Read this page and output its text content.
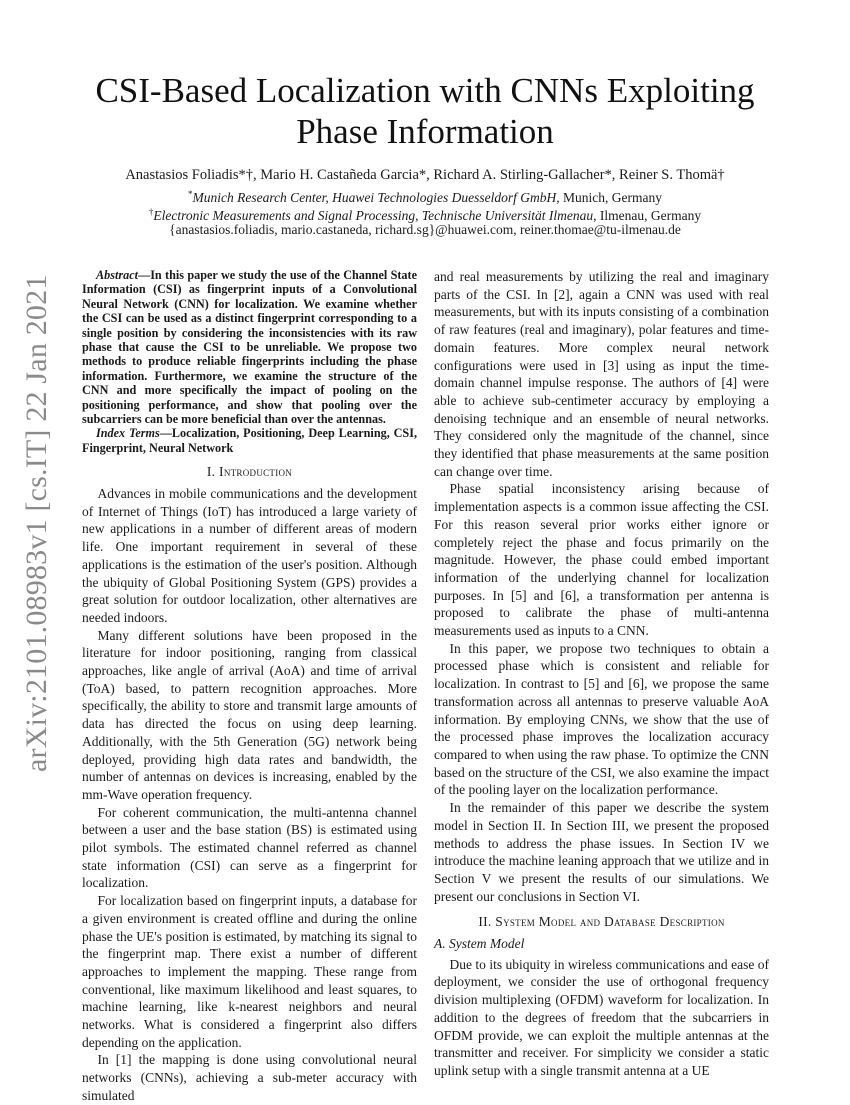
arXiv:2101.08983v1 [cs.IT] 22 Jan 2021
CSI-Based Localization with CNNs Exploiting
Phase Information
Anastasios Foliadis*†, Mario H. Castañeda Garcia*, Richard A. Stirling-Gallacher*, Reiner S. Thomä†
*Munich Research Center, Huawei Technologies Duesseldorf GmbH, Munich, Germany
†Electronic Measurements and Signal Processing, Technische Universität Ilmenau, Ilmenau, Germany
{anastasios.foliadis, mario.castaneda, richard.sg}@huawei.com, reiner.thomae@tu-ilmenau.de

Abstract—In this paper we study the use of the Channel State Information (CSI) as fingerprint inputs of a Convolutional Neural Network (CNN) for localization. We examine whether the CSI can be used as a distinct fingerprint corresponding to a single position by considering the inconsistencies with its raw phase that cause the CSI to be unreliable. We propose two methods to produce reliable fingerprints including the phase information. Furthermore, we examine the structure of the CNN and more specifically the impact of pooling on the positioning performance, and show that pooling over the subcarriers can be more beneficial than over the antennas.

Index Terms—Localization, Positioning, Deep Learning, CSI, Fingerprint, Neural Network

I. Introduction

Advances in mobile communications and the development of Internet of Things (IoT) has introduced a large variety of new applications in a number of different areas of modern life. One important requirement in several of these applications is the estimation of the user's position. Although the ubiquity of Global Positioning System (GPS) provides a great solution for outdoor localization, other alternatives are needed indoors.

Many different solutions have been proposed in the literature for indoor positioning, ranging from classical approaches, like angle of arrival (AoA) and time of arrival (ToA) based, to pattern recognition approaches. More specifically, the ability to store and transmit large amounts of data has directed the focus on using deep learning. Additionally, with the 5th Generation (5G) network being deployed, providing high data rates and bandwidth, the number of antennas on devices is increasing, enabled by the mm-Wave operation frequency.

For coherent communication, the multi-antenna channel between a user and the base station (BS) is estimated using pilot symbols. The estimated channel referred as channel state information (CSI) can serve as a fingerprint for localization.

For localization based on fingerprint inputs, a database for a given environment is created offline and during the online phase the UE's position is estimated, by matching its signal to the fingerprint map. There exist a number of different approaches to implement the mapping. These range from conventional, like maximum likelihood and least squares, to machine learning, like k-nearest neighbors and neural networks. What is considered a fingerprint also differs depending on the application.

In [1] the mapping is done using convolutional neural networks (CNNs), achieving a sub-meter accuracy with simulated

and real measurements by utilizing the real and imaginary parts of the CSI. In [2], again a CNN was used with real measurements, but with its inputs consisting of a combination of raw features (real and imaginary), polar features and time-domain features. More complex neural network configurations were used in [3] using as input the time-domain channel impulse response. The authors of [4] were able to achieve sub-centimeter accuracy by employing a denoising technique and an ensemble of neural networks. They considered only the magnitude of the channel, since they identified that phase measurements at the same position can change over time.

Phase spatial inconsistency arising because of implementation aspects is a common issue affecting the CSI. For this reason several prior works either ignore or completely reject the phase and focus primarily on the magnitude. However, the phase could embed important information of the underlying channel for localization purposes. In [5] and [6], a transformation per antenna is proposed to calibrate the phase of multi-antenna measurements used as inputs to a CNN.

In this paper, we propose two techniques to obtain a processed phase which is consistent and reliable for localization. In contrast to [5] and [6], we propose the same transformation across all antennas to preserve valuable AoA information. By employing CNNs, we show that the use of the processed phase improves the localization accuracy compared to when using the raw phase. To optimize the CNN based on the structure of the CSI, we also examine the impact of the pooling layer on the localization performance.

In the remainder of this paper we describe the system model in Section II. In Section III, we present the proposed methods to address the phase issues. In Section IV we introduce the machine leaning approach that we utilize and in Section V we present the results of our simulations. We present our conclusions in Section VI.

II. System Model and Database Description
A. System Model

Due to its ubiquity in wireless communications and ease of deployment, we consider the use of orthogonal frequency division multiplexing (OFDM) waveform for localization. In addition to the degrees of freedom that the subcarriers in OFDM provide, we can exploit the multiple antennas at the transmitter and receiver. For simplicity we consider a static uplink setup with a single transmit antenna at a UE
